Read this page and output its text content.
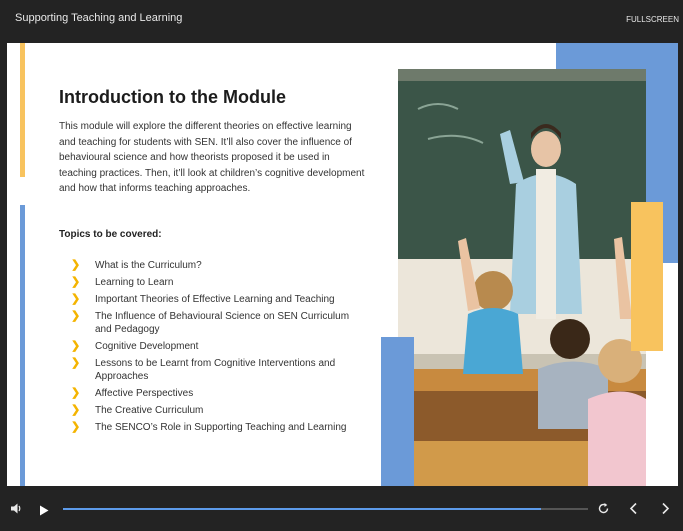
Supporting Teaching and Learning	FULLSCREEN
Introduction to the Module
This module will explore the different theories on effective learning and teaching for students with SEN. It’ll also cover the influence of behavioural science and how theorists proposed it be used in teaching practices. Then, it’ll look at children’s cognitive development and how that informs teaching approaches.
Topics to be covered:
❯ What is the Curriculum?
❯ Learning to Learn
❯ Important Theories of Effective Learning and Teaching
❯ The Influence of Behavioural Science on SEN Curriculum and Pedagogy
❯ Cognitive Development
❯ Lessons to be Learnt from Cognitive Interventions and Approaches
❯ Affective Perspectives
❯ The Creative Curriculum
❯ The SENCO’s Role in Supporting Teaching and Learning
